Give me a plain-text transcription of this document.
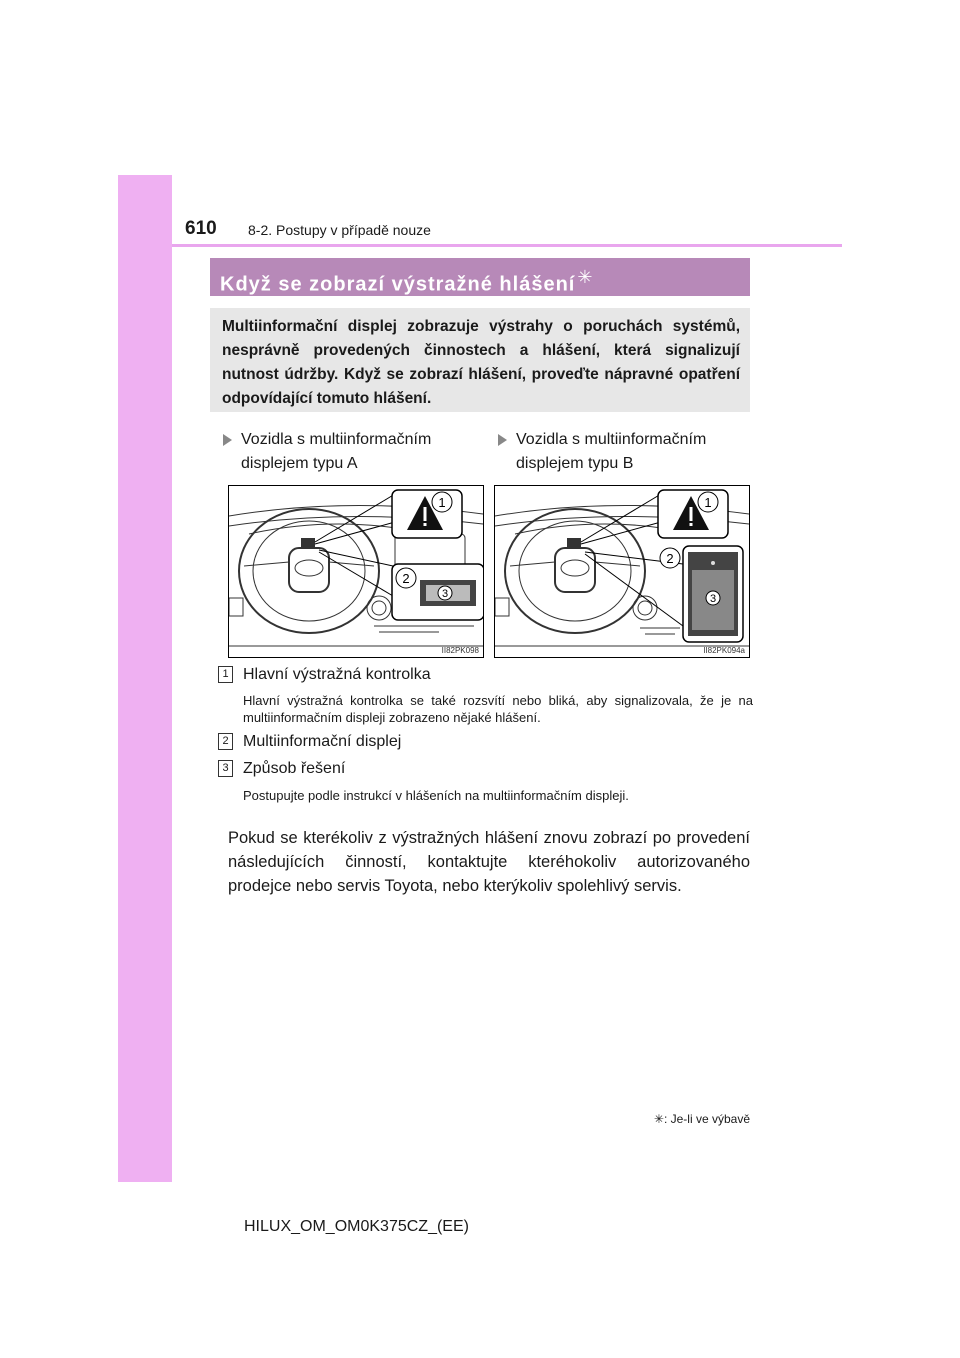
610 8-2. Postupy v případě nouze
Když se zobrazí výstražné hlášení ✳
Multiinformační displej zobrazuje výstrahy o poruchách systémů, nesprávně provedených činnostech a hlášení, která signalizují nutnost údržby. Když se zobrazí hlášení, proveďte nápravné opatření odpovídající tomuto hlášení.
Vozidla s multiinformačním displejem typu A
Vozidla s multiinformačním displejem typu B
1
3
2
II82PK098
1
3
2
II82PK094a
1 Hlavní výstražná kontrolka
Hlavní výstražná kontrolka se také rozsvítí nebo bliká, aby signalizovala, že je na multiinformačním displeji zobrazeno nějaké hlášení.
2 Multiinformační displej
3 Způsob řešení
Postupujte podle instrukcí v hlášeních na multiinformačním displeji.
Pokud se kterékoliv z výstražných hlášení znovu zobrazí po provedení následujících činností, kontaktujte kteréhokoliv autorizovaného prodejce nebo servis Toyota, nebo kterýkoliv spolehlivý servis.
✳: Je-li ve výbavě
HILUX_OM_OM0K375CZ_(EE)
